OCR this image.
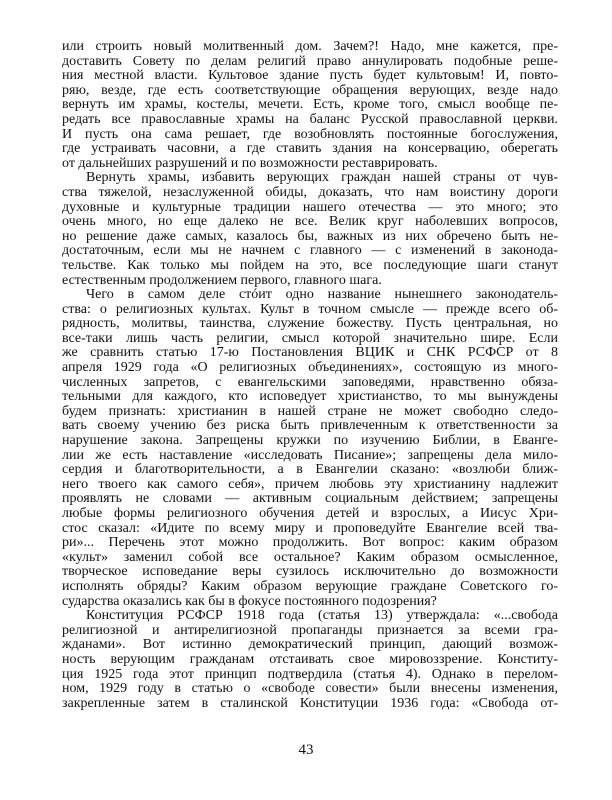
или строить новый молитвенный дом. Зачем?! Надо, мне кажется, пре-
доставить Совету по делам религий право аннулировать подобные реше-
ния местной власти. Культовое здание пусть будет культовым! И, повто-
ряю, везде, где есть соответствующие обращения верующих, везде надо
вернуть им храмы, костелы, мечети. Есть, кроме того, смысл вообще пе-
редать все православные храмы на баланс Русской православной церкви.
И пусть она сама решает, где возобновлять постоянные богослужения,
где устраивать часовни, а где ставить здания на консервацию, оберегать
от дальнейших разрушений и по возможности реставрировать.
Вернуть храмы, избавить верующих граждан нашей страны от чув-
ства тяжелой, незаслуженной обиды, доказать, что нам воистину дороги
духовные и культурные традиции нашего отечества — это много; это
очень много, но еще далеко не все. Велик круг наболевших вопросов,
но решение даже самых, казалось бы, важных из них обречено быть не-
достаточным, если мы не начнем с главного — с изменений в законода-
тельстве. Как только мы пойдем на это, все последующие шаги станут
естественным продолжением первого, главного шага.
Чего в самом деле стóит одно название нынешнего законодатель-
ства: о религиозных культах. Культ в точном смысле — прежде всего об-
рядность, молитвы, таинства, служение божеству. Пусть центральная, но
все-таки лишь часть религии, смысл которой значительно шире. Если
же сравнить статью 17-ю Постановления ВЦИК и СНК РСФСР от 8
апреля 1929 года «О религиозных объединениях», состоящую из много-
численных запретов, с евангельскими заповедями, нравственно обяза-
тельными для каждого, кто исповедует христианство, то мы вынуждены
будем признать: христианин в нашей стране не может свободно следо-
вать своему учению без риска быть привлеченным к ответственности за
нарушение закона. Запрещены кружки по изучению Библии, в Еванге-
лии же есть наставление «исследовать Писание»; запрещены дела мило-
сердия и благотворительности, а в Евангелии сказано: «возлюби ближ-
него твоего как самого себя», причем любовь эту христианину надлежит
проявлять не словами — активным социальным действием; запрещены
любые формы религиозного обучения детей и взрослых, а Иисус Хри-
стос сказал: «Идите по всему миру и проповедуйте Евангелие всей тва-
ри»... Перечень этот можно продолжить. Вот вопрос: каким образом
«культ» заменил собой все остальное? Каким образом осмысленное,
творческое исповедание веры сузилось исключительно до возможности
исполнять обряды? Каким образом верующие граждане Советского го-
сударства оказались как бы в фокусе постоянного подозрения?
Конституция РСФСР 1918 года (статья 13) утверждала: «...свобода
религиозной и антирелигиозной пропаганды признается за всеми гра-
жданами». Вот истинно демократический принцип, дающий возмож-
ность верующим гражданам отстаивать свое мировоззрение. Конститу-
ция 1925 года этот принцип подтвердила (статья 4). Однако в перелом-
ном, 1929 году в статью о «свободе совести» были внесены изменения,
закрепленные затем в сталинской Конституции 1936 года: «Свобода от-
43
